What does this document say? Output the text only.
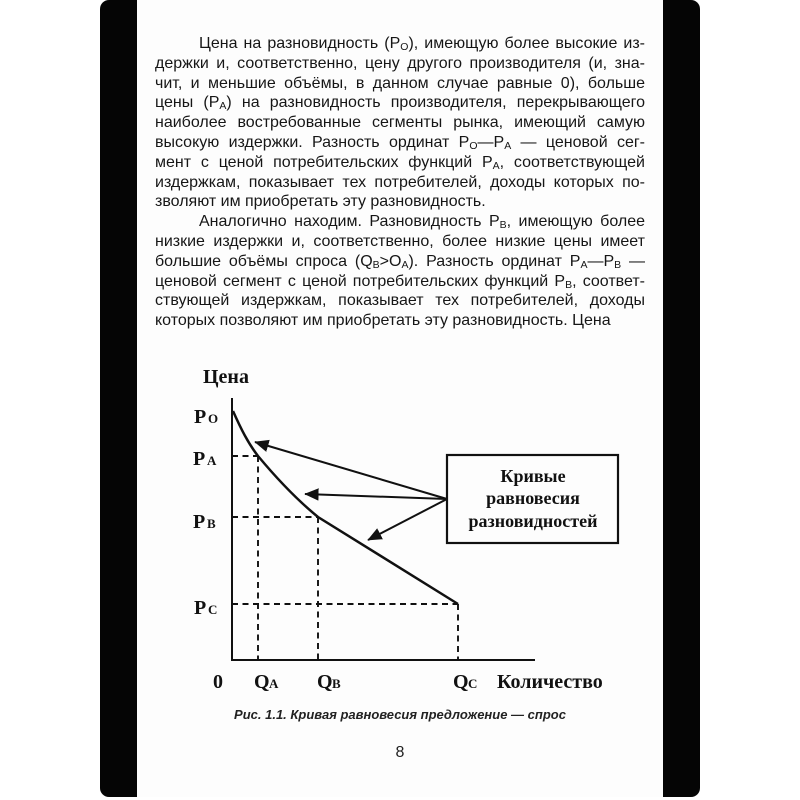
Цена на разновидность $(P_O)$, имеющую более высокие из-
держки и, соответственно, цену другого производителя (и, зна-
чит, и меньшие объёмы, в данном случае равные 0), больше
цены $(P_A)$ на разновидность производителя, перекрывающего
наиболее востребованные сегменты рынка, имеющий самую
высокую издержки. Разность ординат $P_O—P_A$ — ценовой сег-
мент с ценой потребительских функций $P_A$, соответствующей
издержкам, показывает тех потребителей, доходы которых по-
зволяют им приобретать эту разновидность.
Аналогично находим. Разновидность $P_B$, имеющую более
низкие издержки и, соответственно, более низкие цены имеет
большие объёмы спроса $(Q_B>O_A)$. Разность ординат $P_A—P_B$ —
ценовой сегмент с ценой потребительских функций $P_B$, соответ-
ствующей издержкам, показывает тех потребителей, доходы
которых позволяют им приобретать эту разновидность. Цена
Цена
Кривые
равновесия
разновидностей
P O
P A
P B
P C
0 Q A Q B	Q C Количество
Рис. 1.1. Кривая равновесия предложение — спрос
8
